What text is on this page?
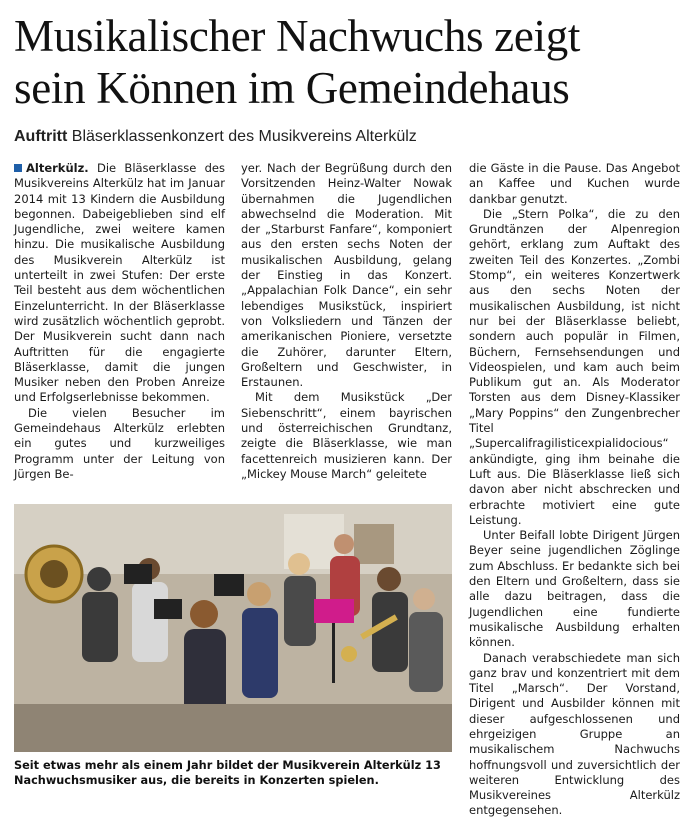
Musikalischer Nachwuchs zeigt
sein Können im Gemeindehaus
Auftritt Bläserklassenkonzert des Musikvereins Alterkülz

Alterkülz. Die Bläserklasse des Musikvereins Alterkülz hat im Januar 2014 mit 13 Kindern die Ausbildung begonnen. Dabeigeblieben sind elf Jugendliche, zwei weitere kamen hinzu. Die musikalische Ausbildung des Musikverein Alterkülz ist unterteilt in zwei Stufen: Der erste Teil besteht aus dem wöchentlichen Einzelunterricht. In der Bläserklasse wird zusätzlich wöchentlich geprobt. Der Musikverein sucht dann nach Auftritten für die engagierte Bläserklasse, damit die jungen Musiker neben den Proben Anreize und Erfolgserlebnisse bekommen.

Die vielen Besucher im Gemeindehaus Alterkülz erlebten ein gutes und kurzweiliges Programm unter der Leitung von Jürgen Be-

yer. Nach der Begrüßung durch den Vorsitzenden Heinz-Walter Nowak übernahmen die Jugendlichen abwechselnd die Moderation. Mit der „Starburst Fanfare“, komponiert aus den ersten sechs Noten der musikalischen Ausbildung, gelang der Einstieg in das Konzert. „Appalachian Folk Dance“, ein sehr lebendiges Musikstück, inspiriert von Volksliedern und Tänzen der amerikanischen Pioniere, versetzte die Zuhörer, darunter Eltern, Großeltern und Geschwister, in Erstaunen.

Mit dem Musikstück „Der Siebenschritt“, einem bayrischen und österreichischen Grundtanz, zeigte die Bläserklasse, wie man facettenreich musizieren kann. Der „Mickey Mouse March“ geleitete

die Gäste in die Pause. Das Angebot an Kaffee und Kuchen wurde dankbar genutzt.

Die „Stern Polka“, die zu den Grundtänzen der Alpenregion gehört, erklang zum Auftakt des zweiten Teil des Konzertes. „Zombi Stomp“, ein weiteres Konzertwerk aus den sechs Noten der musikalischen Ausbildung, ist nicht nur bei der Bläserklasse beliebt, sondern auch populär in Filmen, Büchern, Fernsehsendungen und Videospielen, und kam auch beim Publikum gut an. Als Moderator Torsten aus dem Disney-Klassiker „Mary Poppins“ den Zungenbrecher Titel „Supercalifragilisticexpialidocious“ ankündigte, ging ihm beinahe die Luft aus. Die Bläserklasse ließ sich davon aber nicht abschrecken und erbrachte motiviert eine gute Leistung.

Unter Beifall lobte Dirigent Jürgen Beyer seine jugendlichen Zöglinge zum Abschluss. Er bedankte sich bei den Eltern und Großeltern, dass sie alle dazu beitragen, dass die Jugendlichen eine fundierte musikalische Ausbildung erhalten können.

Danach verabschiedete man sich ganz brav und konzentriert mit dem Titel „Marsch“. Der Vorstand, Dirigent und Ausbilder können mit dieser aufgeschlossenen und ehrgeizigen Gruppe an musikalischem Nachwuchs hoffnungsvoll und zuversichtlich der weiteren Entwicklung des Musikvereines Alterkülz entgegensehen.

Seit etwas mehr als einem Jahr bildet der Musikverein Alterkülz 13 Nachwuchsmusiker aus, die bereits in Konzerten spielen.
